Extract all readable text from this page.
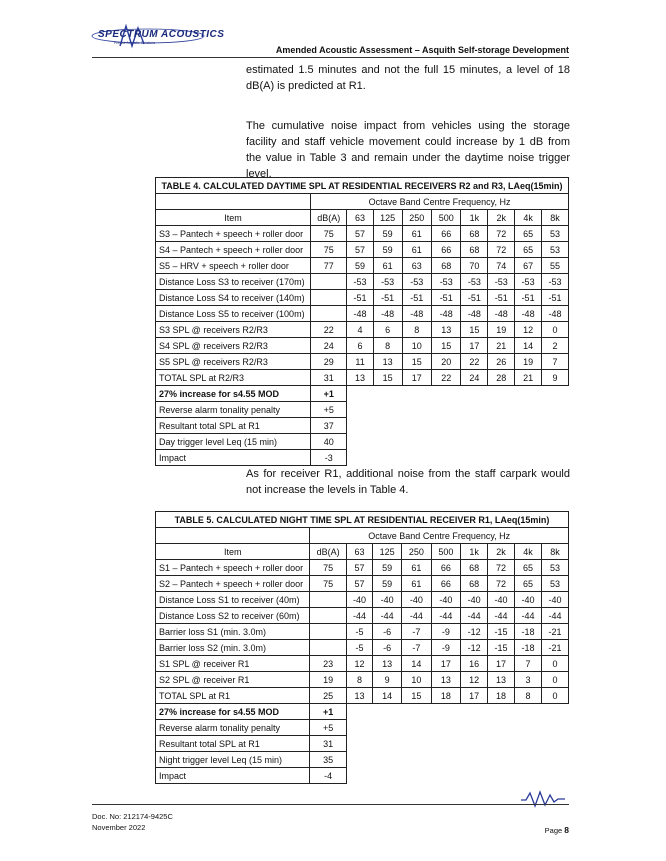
SPECTRUM ACOUSTICS
Precise Acoustic Solutions
Amended Acoustic Assessment – Asquith Self-storage Development

estimated 1.5 minutes and not the full 15 minutes, a level of 18 dB(A) is predicted at R1.

The cumulative noise impact from vehicles using the storage facility and staff vehicle movement could increase by 1 dB from the value in Table 3 and remain under the daytime noise trigger level.

TABLE 4. CALCULATED DAYTIME SPL AT RESIDENTIAL RECEIVERS R2 and R3, LAeq(15min)									
	Octave Band Centre Frequency, Hz								
Item	dB(A)	63	125	250	500	1k	2k	4k	8k
S3 – Pantech + speech + roller door	75	57	59	61	66	68	72	65	53
S4 – Pantech + speech + roller door	75	57	59	61	66	68	72	65	53
S5 – HRV + speech + roller door	77	59	61	63	68	70	74	67	55
Distance Loss S3 to receiver (170m)		-53	-53	-53	-53	-53	-53	-53	-53
Distance Loss S4 to receiver (140m)		-51	-51	-51	-51	-51	-51	-51	-51
Distance Loss S5 to receiver (100m)		-48	-48	-48	-48	-48	-48	-48	-48
S3 SPL @ receivers R2/R3	22	4	6	8	13	15	19	12	0
S4 SPL @ receivers R2/R3	24	6	8	10	15	17	21	14	2
S5 SPL @ receivers R2/R3	29	11	13	15	20	22	26	19	7
TOTAL SPL at R2/R3	31	13	15	17	22	24	28	21	9
27% increase for s4.55 MOD	+1								
Reverse alarm tonality penalty	+5								
Resultant total SPL at R1	37								
Day trigger level Leq (15 min)	40								
Impact	-3								

As for receiver R1, additional noise from the staff carpark would not increase the levels in Table 4.

TABLE 5. CALCULATED NIGHT TIME SPL AT RESIDENTIAL RECEIVER R1, LAeq(15min)									
	Octave Band Centre Frequency, Hz								
Item	dB(A)	63	125	250	500	1k	2k	4k	8k
S1 – Pantech + speech + roller door	75	57	59	61	66	68	72	65	53
S2 – Pantech + speech + roller door	75	57	59	61	66	68	72	65	53
Distance Loss S1 to receiver (40m)		-40	-40	-40	-40	-40	-40	-40	-40
Distance Loss S2 to receiver (60m)		-44	-44	-44	-44	-44	-44	-44	-44
Barrier loss S1 (min. 3.0m)		-5	-6	-7	-9	-12	-15	-18	-21
Barrier loss S2 (min. 3.0m)		-5	-6	-7	-9	-12	-15	-18	-21
S1 SPL @ receiver R1	23	12	13	14	17	16	17	7	0
S2 SPL @ receiver R1	19	8	9	10	13	12	13	3	0
TOTAL SPL at R1	25	13	14	15	18	17	18	8	0
27% increase for s4.55 MOD	+1								
Reverse alarm tonality penalty	+5								
Resultant total SPL at R1	31								
Night trigger level Leq (15 min)	35								
Impact	-4								
Doc. No: 212174-9425C
November 2022	Page 8
